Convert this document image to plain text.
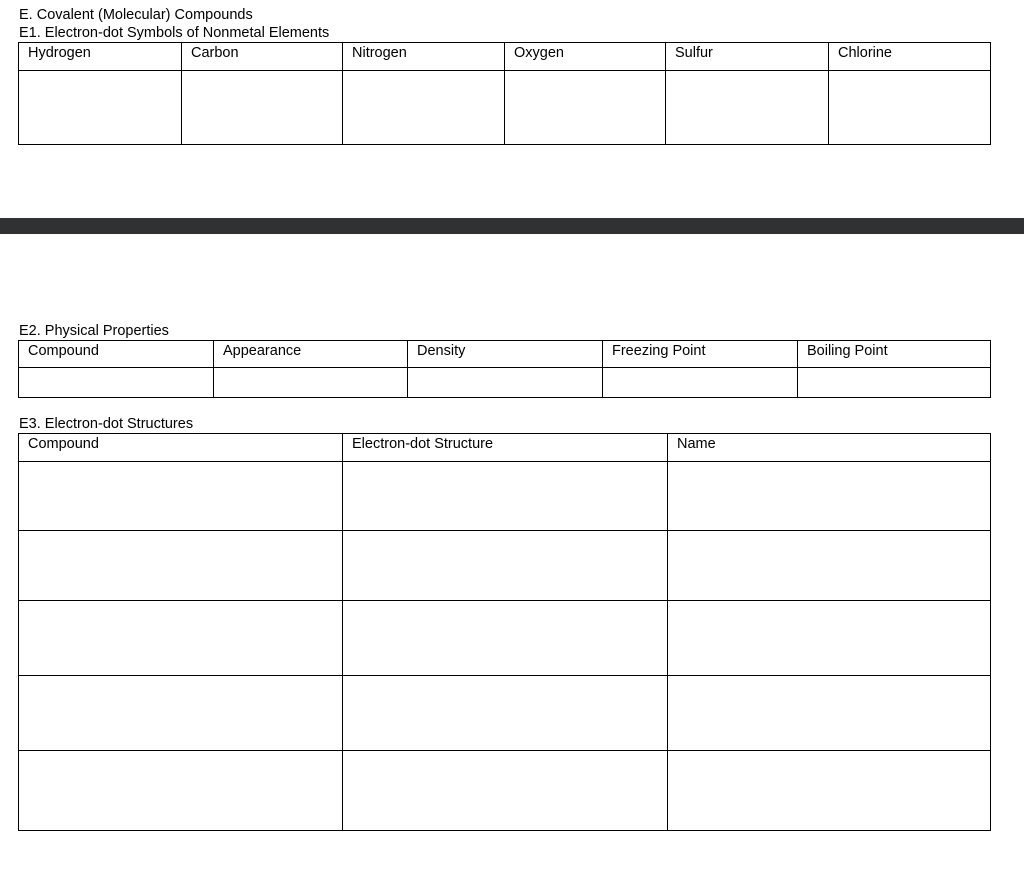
E. Covalent (Molecular) Compounds
E1. Electron-dot Symbols of Nonmetal Elements
Hydrogen	Carbon	Nitrogen	Oxygen	Sulfur	Chlorine

E2. Physical Properties
Compound	Appearance	Density	Freezing Point	Boiling Point

E3. Electron-dot Structures
Compound	Electron-dot Structure	Name
